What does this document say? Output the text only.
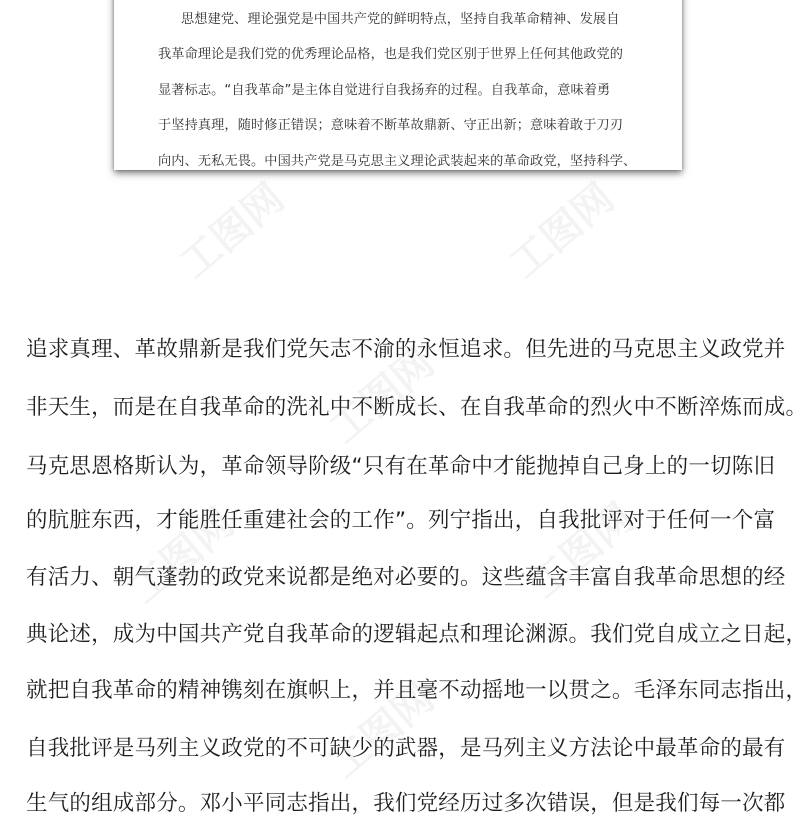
工图网	工图网
工图网
工图网	工图网
工图网
思想建党、理论强党是中国共产党的鲜明特点，坚持自我革命精神、发展自
我革命理论是我们党的优秀理论品格，也是我们党区别于世界上任何其他政党的
显著标志。“自我革命”是主体自觉进行自我扬弃的过程。自我革命，意味着勇
于坚持真理，随时修正错误；意味着不断革故鼎新、守正出新；意味着敢于刀刃
向内、无私无畏。中国共产党是马克思主义理论武装起来的革命政党，坚持科学、
追求真理、革故鼎新是我们党矢志不渝的永恒追求。但先进的马克思主义政党并
非天生，而是在自我革命的洗礼中不断成长、在自我革命的烈火中不断淬炼而成。
马克思恩格斯认为，革命领导阶级“只有在革命中才能抛掉自己身上的一切陈旧
的肮脏东西，才能胜任重建社会的工作”。列宁指出，自我批评对于任何一个富
有活力、朝气蓬勃的政党来说都是绝对必要的。这些蕴含丰富自我革命思想的经
典论述，成为中国共产党自我革命的逻辑起点和理论渊源。我们党自成立之日起，
就把自我革命的精神镌刻在旗帜上，并且毫不动摇地一以贯之。毛泽东同志指出，
自我批评是马列主义政党的不可缺少的武器，是马列主义方法论中最革命的最有
生气的组成部分。邓小平同志指出，我们党经历过多次错误，但是我们每一次都
